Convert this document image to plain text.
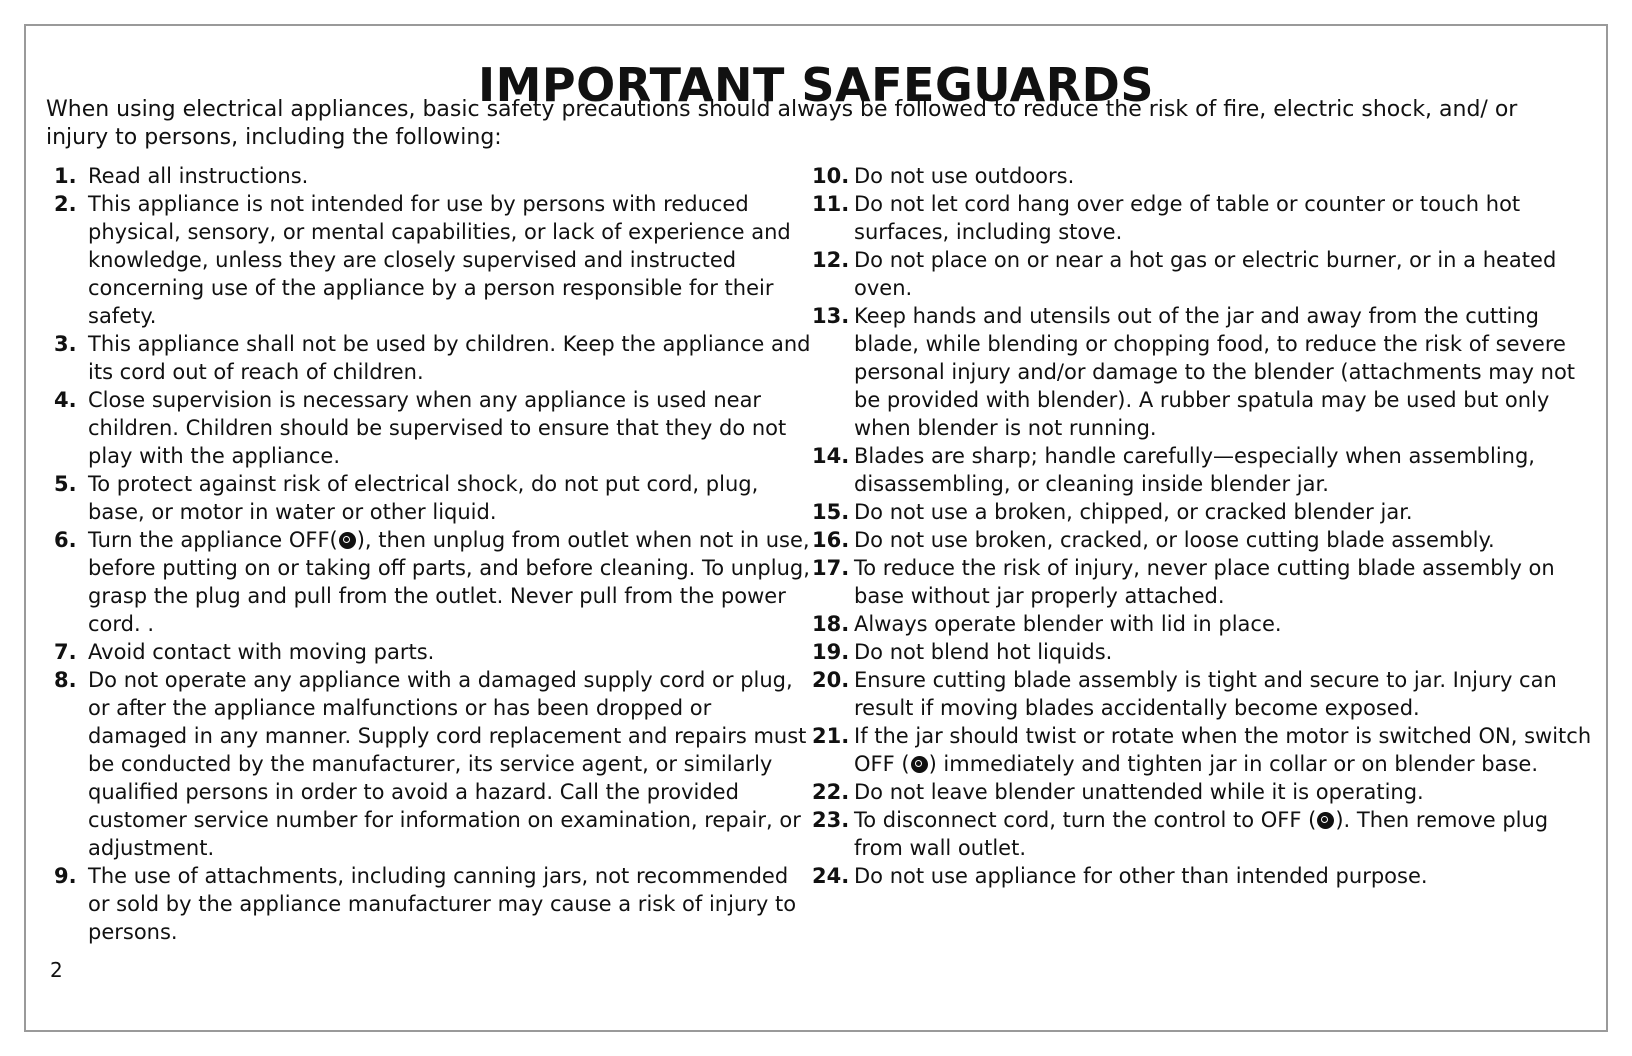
IMPORTANT SAFEGUARDS

When using electrical appliances, basic safety precautions should always be followed to reduce the risk of fire, electric shock, and/ or injury to persons, including the following:

1. Read all instructions.
2. This appliance is not intended for use by persons with reduced physical, sensory, or mental capabilities, or lack of experience and knowledge, unless they are closely supervised and instructed concerning use of the appliance by a person responsible for their safety.
3. This appliance shall not be used by children. Keep the appliance and its cord out of reach of children.
4. Close supervision is necessary when any appliance is used near children. Children should be supervised to ensure that they do not play with the appliance.
5. To protect against risk of electrical shock, do not put cord, plug, base, or motor in water or other liquid.
6. Turn the appliance OFF( ), then unplug from outlet when not in use, before putting on or taking off parts, and before cleaning. To unplug, grasp the plug and pull from the outlet. Never pull from the power cord. .
7. Avoid contact with moving parts.
8. Do not operate any appliance with a damaged supply cord or plug, or after the appliance malfunctions or has been dropped or damaged in any manner. Supply cord replacement and repairs must be conducted by the manufacturer, its service agent, or similarly qualified persons in order to avoid a hazard. Call the provided customer service number for information on examination, repair, or adjustment.
9. The use of attachments, including canning jars, not recommended or sold by the appliance manufacturer may cause a risk of injury to persons.
10. Do not use outdoors.
11. Do not let cord hang over edge of table or counter or touch hot surfaces, including stove.
12. Do not place on or near a hot gas or electric burner, or in a heated oven.
13. Keep hands and utensils out of the jar and away from the cutting blade, while blending or chopping food, to reduce the risk of severe personal injury and/or damage to the blender (attachments may not be provided with blender). A rubber spatula may be used but only when blender is not running.
14. Blades are sharp; handle carefully—especially when assembling, disassembling, or cleaning inside blender jar.
15. Do not use a broken, chipped, or cracked blender jar.
16. Do not use broken, cracked, or loose cutting blade assembly.
17. To reduce the risk of injury, never place cutting blade assembly on base without jar properly attached.
18. Always operate blender with lid in place.
19. Do not blend hot liquids.
20. Ensure cutting blade assembly is tight and secure to jar. Injury can result if moving blades accidentally become exposed.
21. If the jar should twist or rotate when the motor is switched ON, switch OFF ( ) immediately and tighten jar in collar or on blender base.
22. Do not leave blender unattended while it is operating.
23. To disconnect cord, turn the control to OFF ( ). Then remove plug from wall outlet.
24. Do not use appliance for other than intended purpose.
2
